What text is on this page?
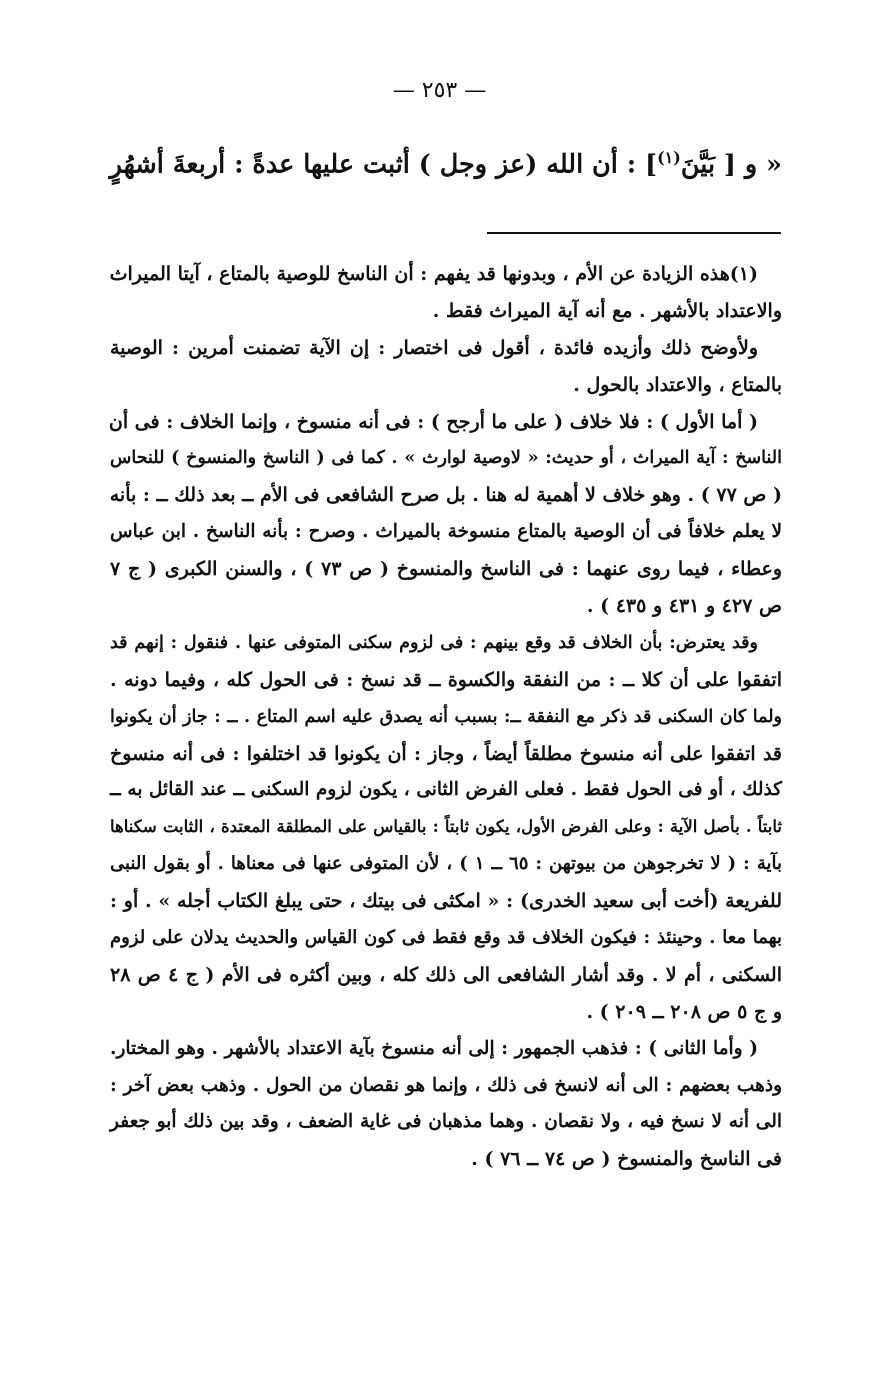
— ٢٥٣ —
« و [ بَيَّنَ$^{(١)}$] : أن الله (عز وجل ) أثبت عليها عدةً : أربعةَ أشهُرٍ
(١)هذه الزيادة عن الأم ، وبدونها قد يفهم : أن الناسخ للوصية بالمتاع ، آيتا الميراث
والاعتداد بالأشهر . مع أنه آية الميراث فقط .
ولأوضح ذلك وأزيده فائدة ، أقول فى اختصار : إن الآية تضمنت أمرين : الوصية
بالمتاع ، والاعتداد بالحول .
( أما الأول ) : فلا خلاف ( على ما أرجح ) : فى أنه منسوخ ، وإنما الخلاف : فى أن
الناسخ : آية الميراث ، أو حديث: « لاوصية لوارث » . كما فى ( الناسخ والمنسوخ ) للنحاس
( ص ٧٧ ) . وهو خلاف لا أهمية له هنا . بل صرح الشافعى فى الأم ــ بعد ذلك ــ : بأنه
لا يعلم خلافاً فى أن الوصية بالمتاع منسوخة بالميراث . وصرح : بأنه الناسخ . ابن عباس
وعطاء ، فيما روى عنهما : فى الناسخ والمنسوخ ( ص ٧٣ ) ، والسنن الكبرى ( ج ٧
ص ٤٢٧ و ٤٣١ و ٤٣٥ ) .
وقد يعترض: بأن الخلاف قد وقع بينهم : فى لزوم سكنى المتوفى عنها . فنقول : إنهم قد
اتفقوا على أن كلا ــ : من النفقة والكسوة ــ قد نسخ : فى الحول كله ، وفيما دونه .
ولما كان السكنى قد ذكر مع النفقة ــ: بسبب أنه يصدق عليه اسم المتاع . ــ : جاز أن يكونوا
قد اتفقوا على أنه منسوخ مطلقاً أيضاً ، وجاز : أن يكونوا قد اختلفوا : فى أنه منسوخ
كذلك ، أو فى الحول فقط . فعلى الفرض الثانى ، يكون لزوم السكنى ــ عند القائل به ــ
ثابتاً . بأصل الآية : وعلى الفرض الأول، يكون ثابتاً : بالقياس على المطلقة المعتدة ، الثابت سكناها
بآية : ( لا تخرجوهن من بيوتهن : ٦٥ ــ ١ ) ، لأن المتوفى عنها فى معناها . أو بقول النبى
للفريعة (أخت أبى سعيد الخدرى) : « امكثى فى بيتك ، حتى يبلغ الكتاب أجله » . أو :
بهما معا . وحينئذ : فيكون الخلاف قد وقع فقط فى كون القياس والحديث يدلان على لزوم
السكنى ، أم لا . وقد أشار الشافعى الى ذلك كله ، وبين أكثره فى الأم ( ج ٤ ص ٢٨
و ج ٥ ص ٢٠٨ ــ ٢٠٩ ) .
( وأما الثانى ) : فذهب الجمهور : إلى أنه منسوخ بآية الاعتداد بالأشهر . وهو المختار.
وذهب بعضهم : الى أنه لانسخ فى ذلك ، وإنما هو نقصان من الحول . وذهب بعض آخر :
الى أنه لا نسخ فيه ، ولا نقصان . وهما مذهبان فى غاية الضعف ، وقد بين ذلك أبو جعفر
فى الناسخ والمنسوخ ( ص ٧٤ ــ ٧٦ ) .
